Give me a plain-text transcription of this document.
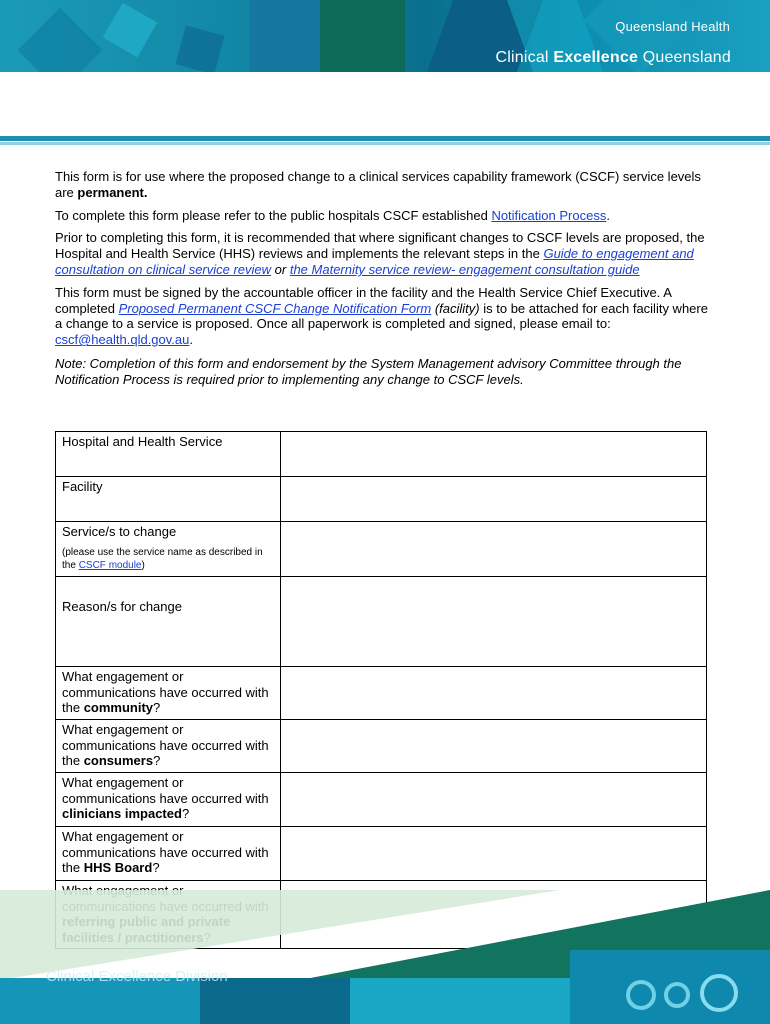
Queensland Health
Clinical Excellence Queensland

This form is for use where the proposed change to a clinical services capability framework (CSCF) service levels are permanent.

To complete this form please refer to the public hospitals CSCF established Notification Process.

Prior to completing this form, it is recommended that where significant changes to CSCF levels are proposed, the Hospital and Health Service (HHS) reviews and implements the relevant steps in the Guide to engagement and consultation on clinical service review or the Maternity service review- engagement consultation guide

This form must be signed by the accountable officer in the facility and the Health Service Chief Executive. A completed Proposed Permanent CSCF Change Notification Form (facility) is to be attached for each facility where a change to a service is proposed. Once all paperwork is completed and signed, please email to: cscf@health.qld.gov.au.

Note: Completion of this form and endorsement by the System Management advisory Committee through the Notification Process is required prior to implementing any change to CSCF levels.

Hospital and Health Service	
Facility	
Service/s to change
(please use the service name as described in the CSCF module)	

Reason/s for change	
What engagement or communications have occurred with the community?	
What engagement or communications have occurred with the consumers?	
What engagement or communications have occurred with clinicians impacted?	
What engagement or communications have occurred with the HHS Board?	
What engagement or communications have occurred with referring public and private facilities / practitioners?	
Clinical Excellence Division
